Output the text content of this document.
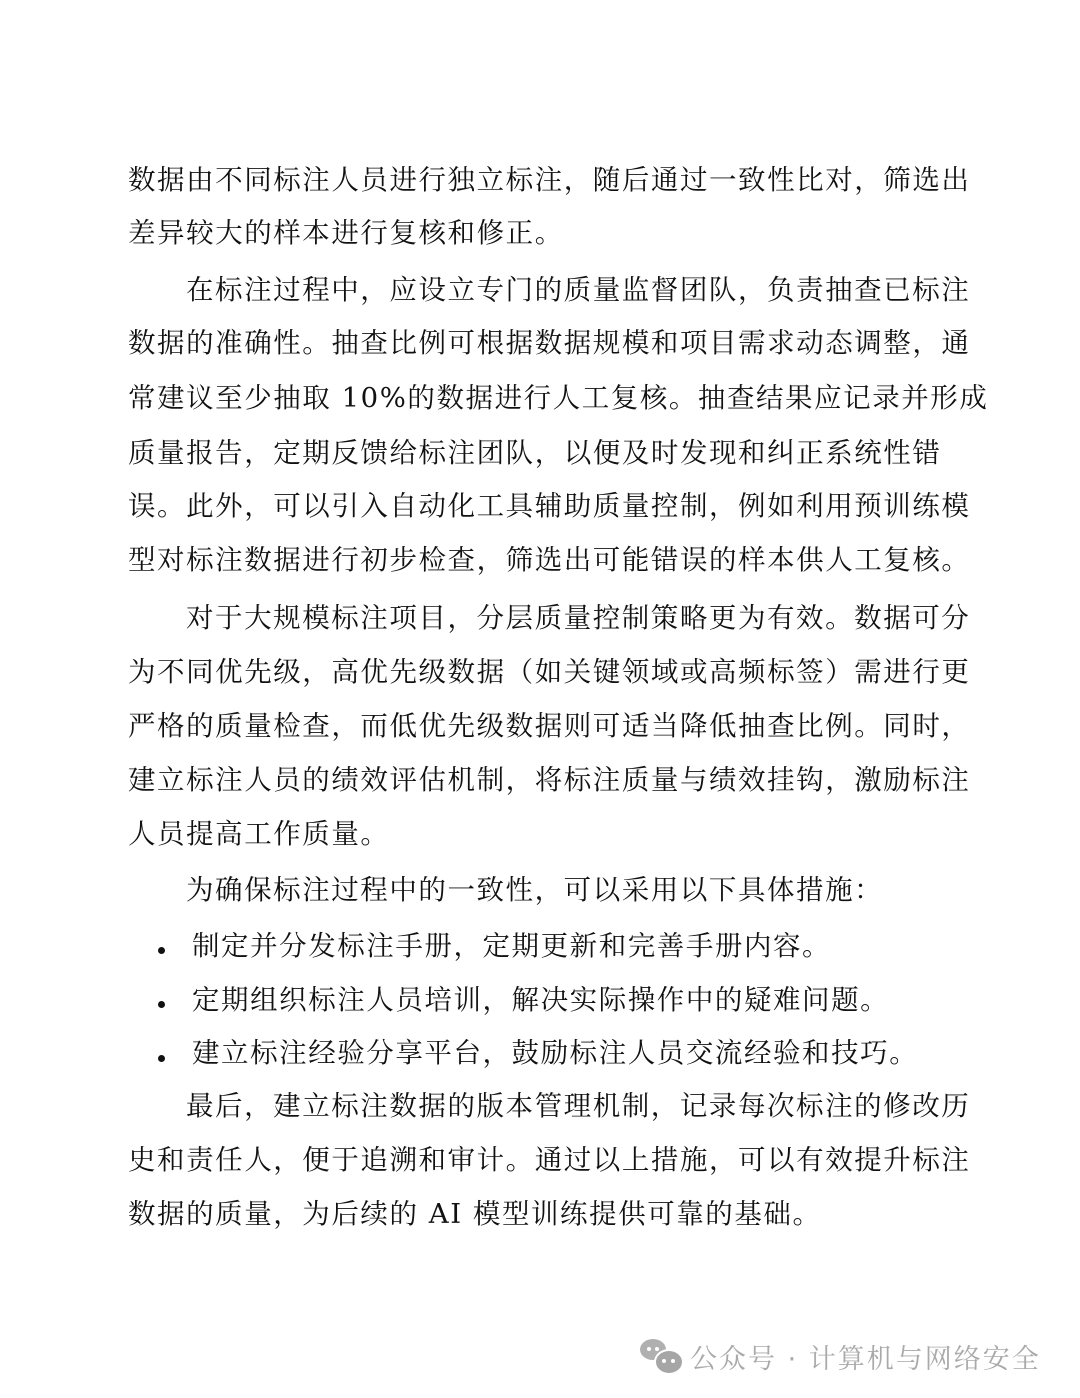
数据由不同标注人员进行独立标注，随后通过一致性比对，筛选出
差异较大的样本进行复核和修正。
在标注过程中，应设立专门的质量监督团队，负责抽查已标注
数据的准确性。抽查比例可根据数据规模和项目需求动态调整，通
常建议至少抽取 10%的数据进行人工复核。抽查结果应记录并形成
质量报告，定期反馈给标注团队，以便及时发现和纠正系统性错
误。此外，可以引入自动化工具辅助质量控制，例如利用预训练模
型对标注数据进行初步检查，筛选出可能错误的样本供人工复核。
对于大规模标注项目，分层质量控制策略更为有效。数据可分
为不同优先级，高优先级数据（如关键领域或高频标签）需进行更
严格的质量检查，而低优先级数据则可适当降低抽查比例。同时，
建立标注人员的绩效评估机制，将标注质量与绩效挂钩，激励标注
人员提高工作质量。
为确保标注过程中的一致性，可以采用以下具体措施：
制定并分发标注手册，定期更新和完善手册内容。
定期组织标注人员培训，解决实际操作中的疑难问题。
建立标注经验分享平台，鼓励标注人员交流经验和技巧。
最后，建立标注数据的版本管理机制，记录每次标注的修改历
史和责任人，便于追溯和审计。通过以上措施，可以有效提升标注
数据的质量，为后续的 AI 模型训练提供可靠的基础。
公众号 · 计算机与网络安全
